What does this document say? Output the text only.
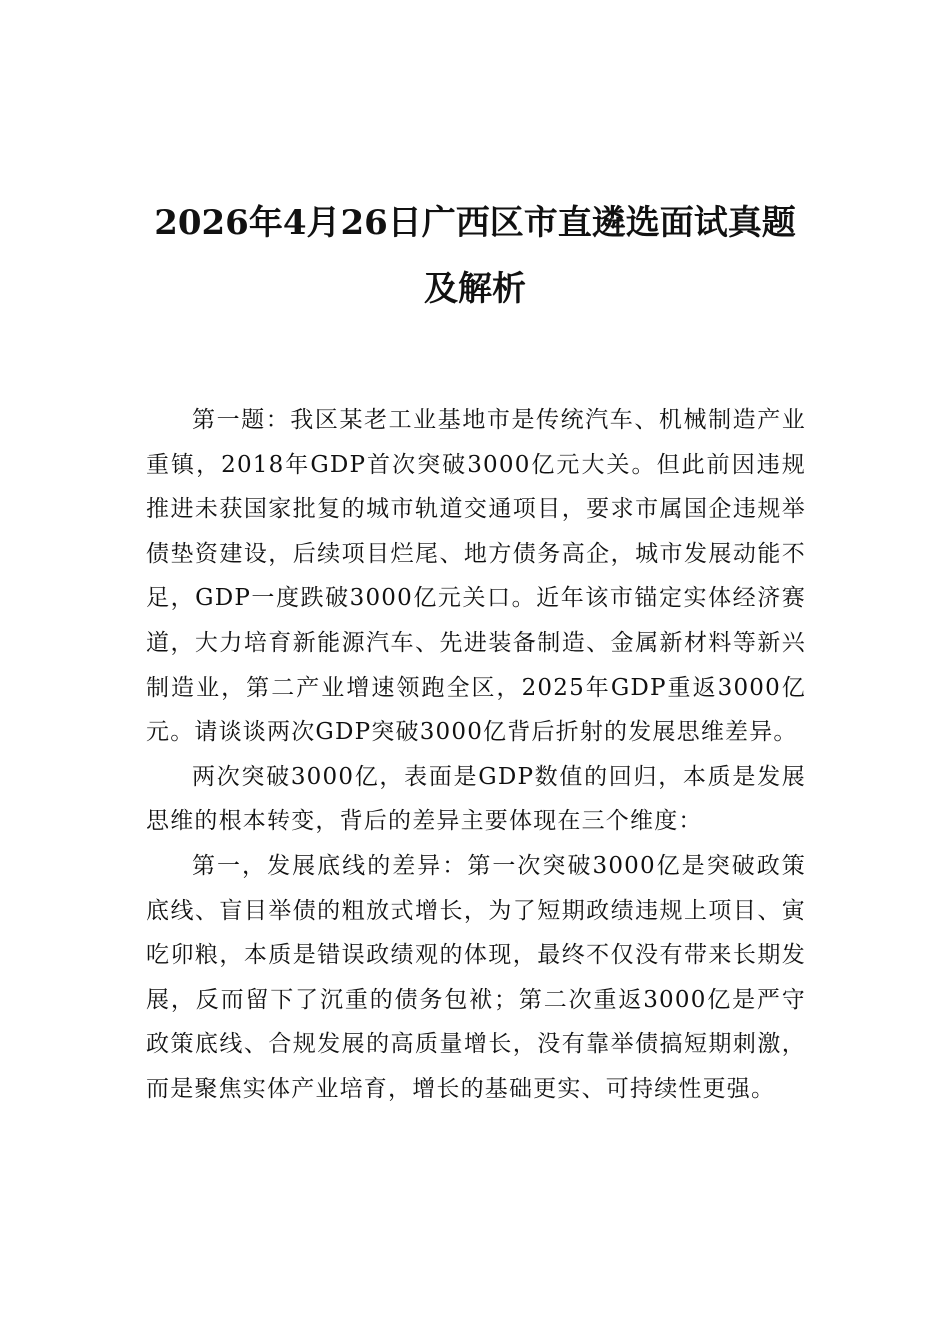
2026年4月26日广西区市直遴选面试真题及解析

第一题：我区某老工业基地市是传统汽车、机械制造产业重镇，2018年GDP首次突破3000亿元大关。但此前因违规推进未获国家批复的城市轨道交通项目，要求市属国企违规举债垫资建设，后续项目烂尾、地方债务高企，城市发展动能不足，GDP一度跌破3000亿元关口。近年该市锚定实体经济赛道，大力培育新能源汽车、先进装备制造、金属新材料等新兴制造业，第二产业增速领跑全区，2025年GDP重返3000亿元。请谈谈两次GDP突破3000亿背后折射的发展思维差异。

两次突破3000亿，表面是GDP数值的回归，本质是发展思维的根本转变，背后的差异主要体现在三个维度：

第一，发展底线的差异：第一次突破3000亿是突破政策底线、盲目举债的粗放式增长，为了短期政绩违规上项目、寅吃卯粮，本质是错误政绩观的体现，最终不仅没有带来长期发展，反而留下了沉重的债务包袱；第二次重返3000亿是严守政策底线、合规发展的高质量增长，没有靠举债搞短期刺激，而是聚焦实体产业培育，增长的基础更实、可持续性更强。
